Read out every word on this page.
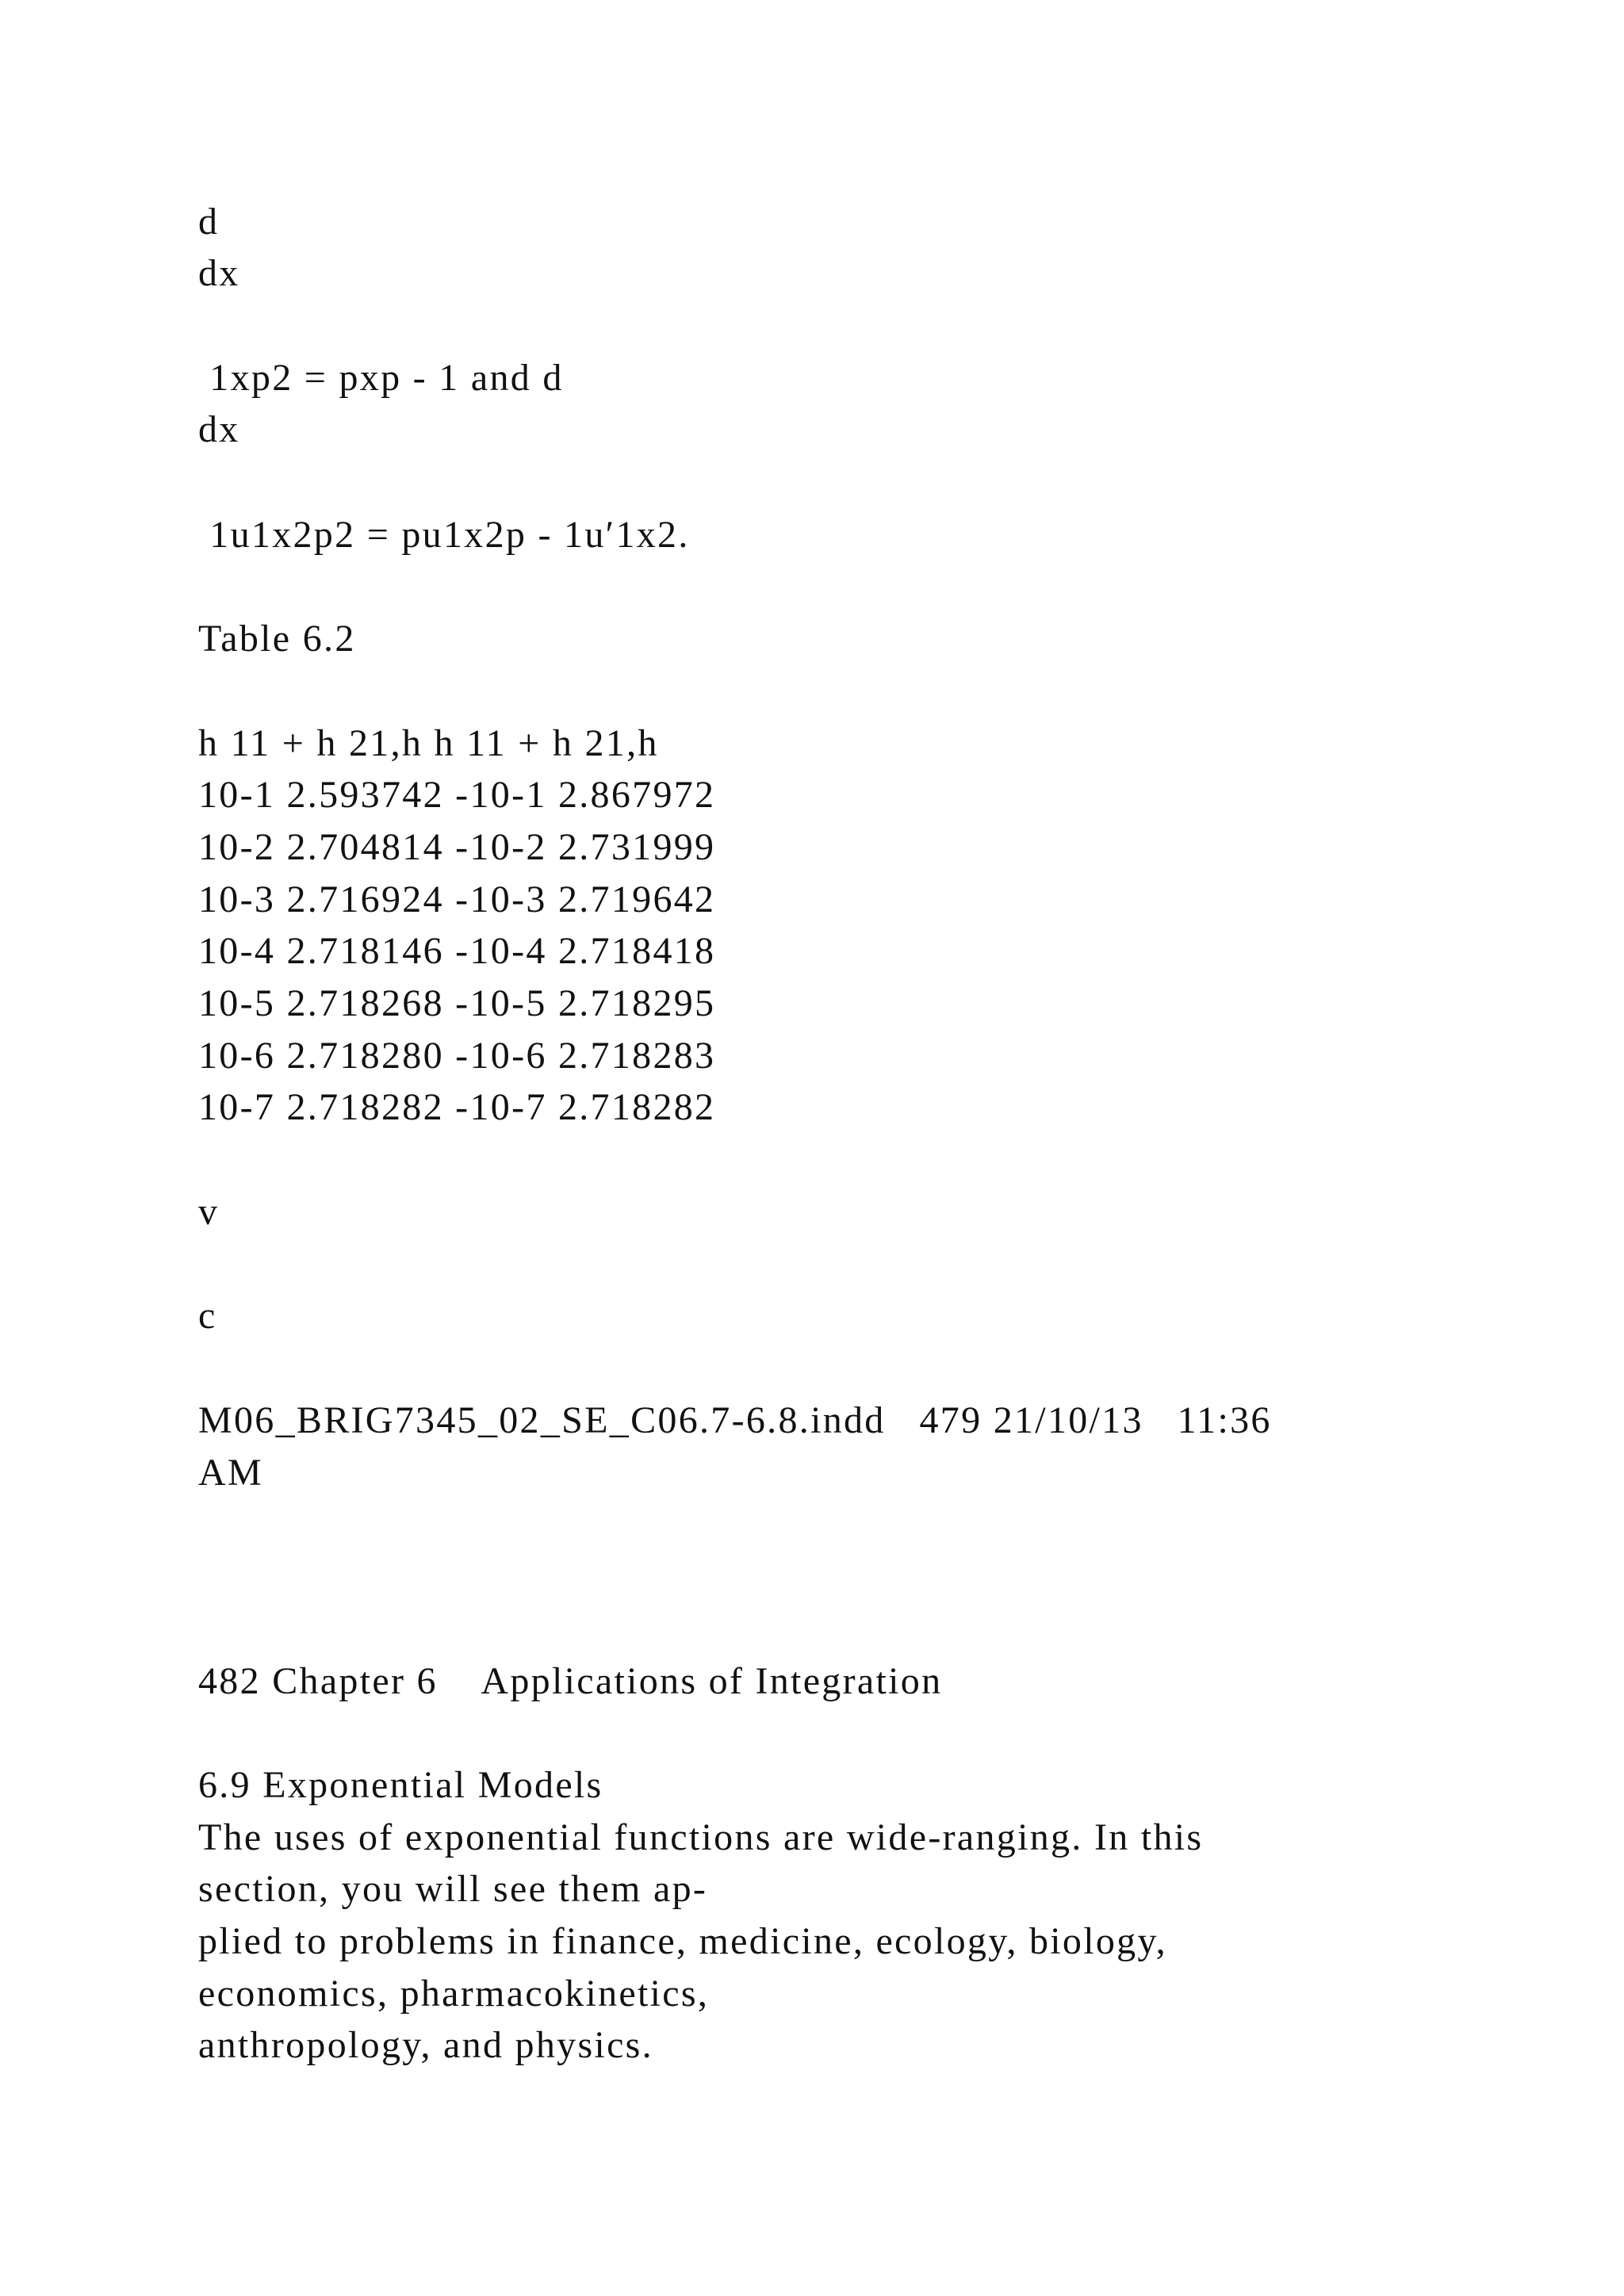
d

dx

1xp2 = pxp - 1 and d

dx

1u1x2p2 = pu1x2p - 1u′1x2.

Table 6.2

h 11 + h 21,h h 11 + h 21,h

10-1 2.593742 -10-1 2.867972

10-2 2.704814 -10-2 2.731999

10-3 2.716924 -10-3 2.719642

10-4 2.718146 -10-4 2.718418

10-5 2.718268 -10-5 2.718295

10-6 2.718280 -10-6 2.718283

10-7 2.718282 -10-7 2.718282

v

c

M06_BRIG7345_02_SE_C06.7-6.8.indd   479 21/10/13   11:36

AM

482 Chapter 6    Applications of Integration

6.9 Exponential Models

The uses of exponential functions are wide-ranging. In this

section, you will see them ap-

plied to problems in finance, medicine, ecology, biology,

economics, pharmacokinetics,

anthropology, and physics.
